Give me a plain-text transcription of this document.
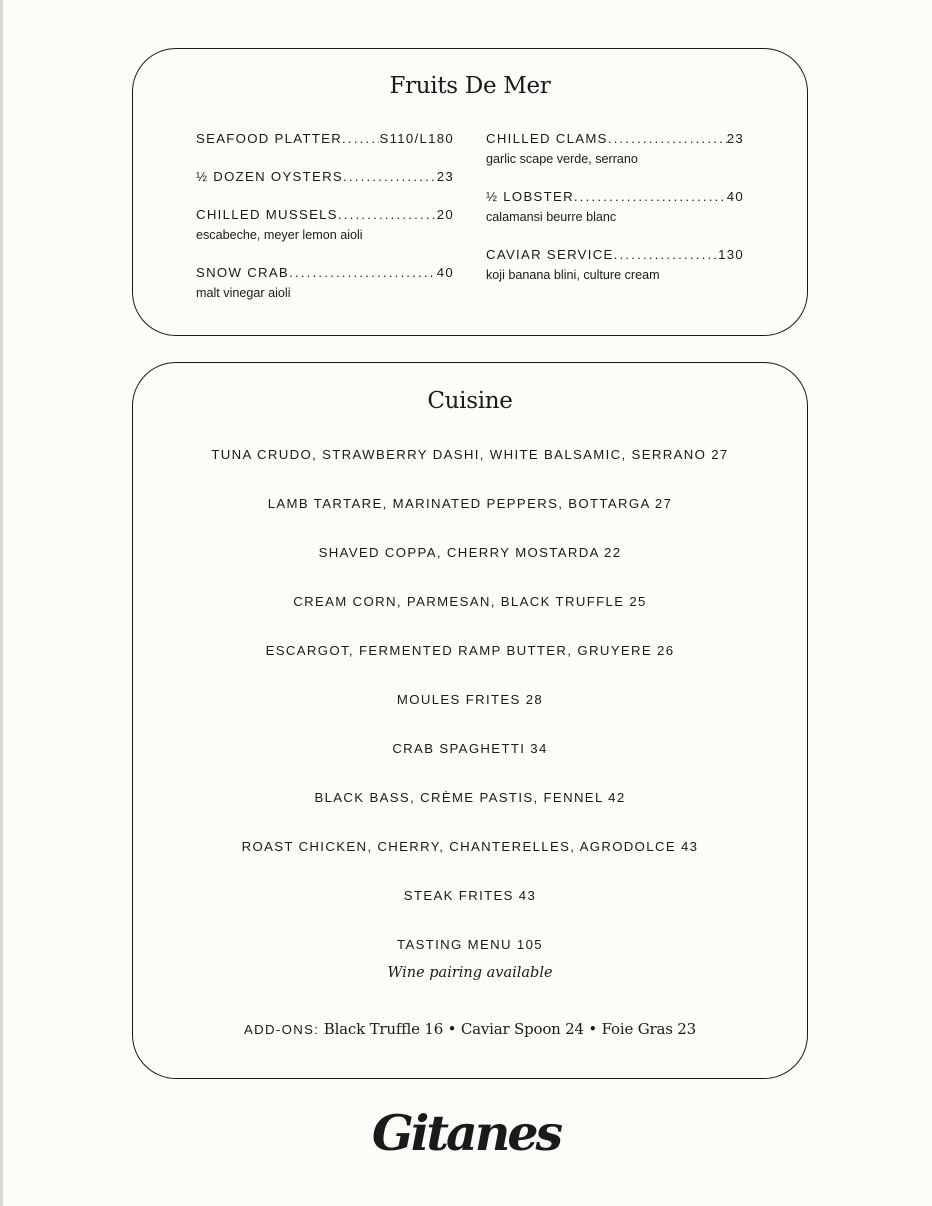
Fruits De Mer
SEAFOOD PLATTER .....	S110/L180
½ DOZEN OYSTERS .....	23
CHILLED MUSSELS .....	20
escabeche, meyer lemon aioli
SNOW CRAB .....	40
malt vinegar aioli
CHILLED CLAMS .....	23
garlic scape verde, serrano
½ LOBSTER .....	40
calamansi beurre blanc
CAVIAR SERVICE .....	130
koji banana blini, culture cream
Cuisine
TUNA CRUDO, STRAWBERRY DASHI, WHITE BALSAMIC, SERRANO 27
LAMB TARTARE, MARINATED PEPPERS, BOTTARGA 27
SHAVED COPPA, CHERRY MOSTARDA 22
CREAM CORN, PARMESAN, BLACK TRUFFLE 25
ESCARGOT, FERMENTED RAMP BUTTER, GRUYERE 26
MOULES FRITES 28
CRAB SPAGHETTI 34
BLACK BASS, CRÈME PASTIS, FENNEL 42
ROAST CHICKEN, CHERRY, CHANTERELLES, AGRODOLCE 43
STEAK FRITES 43
TASTING MENU 105
Wine pairing available
ADD-ONS: Black Truffle 16 • Caviar Spoon 24 • Foie Gras 23
Gitanes
